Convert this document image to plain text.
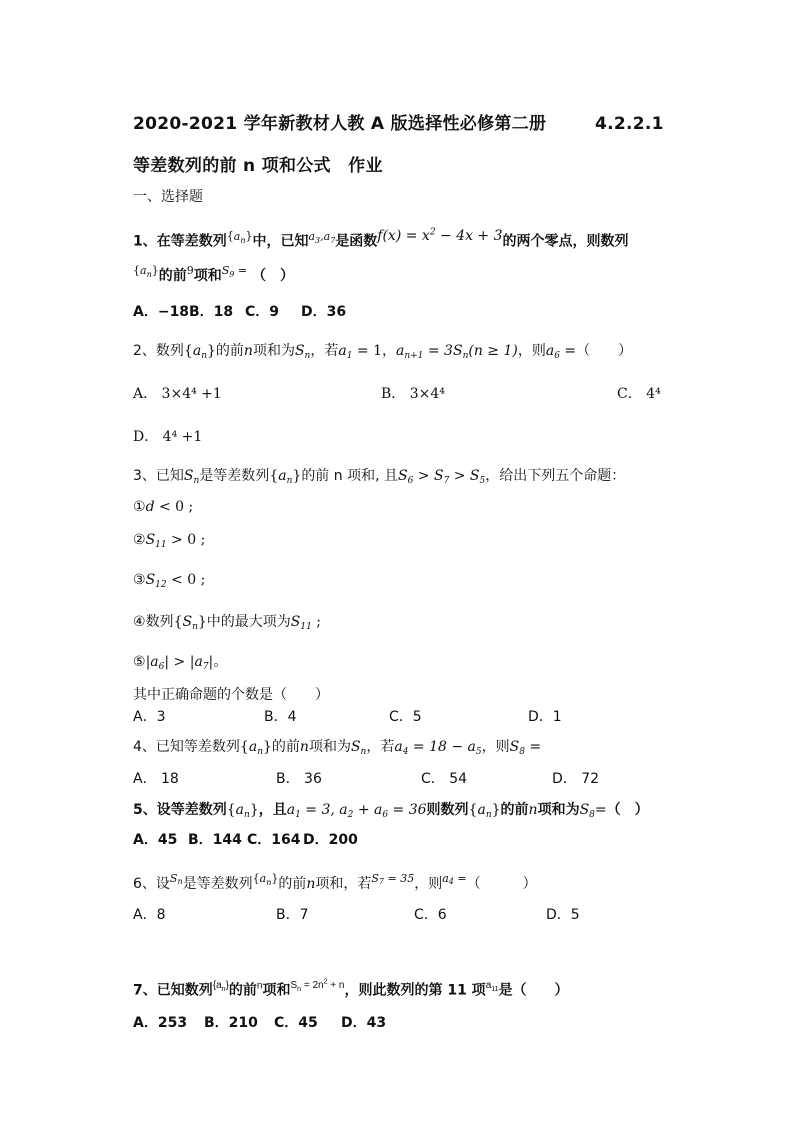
2020-2021 学年新教材人教 A 版选择性必修第二册	4.2.2.1
等差数列的前 n 项和公式　作业
一、选择题
1、在等差数列$^{\{a_n\}}$中，已知$^{a_3,a_7}$是函数$f(x) = x^2 - 4x + 3$的两个零点，则数列
$^{\{a_n\}}$的前$^9$项和$^{S_9 =}$ （　）
A．−18 B．18 C．9 D．36
2、数列$\{a_n\}$的前n项和为$S_n$，若$a_1 = 1$，$a_{n+1} = 3S_n(n \ge 1)$，则$a_6$ =（　　）
A． 3×4⁴ +1	B． 3×4⁴	C． 4⁴
D． 4⁴ +1
3、已知$S_n$是等差数列$\{a_n\}$的前 n 项和, 且$S_6 > S_7 > S_5$，给出下列五个命题：
①d < 0 ;
$②S_{11} > 0$ ;
$③S_{12} < 0$ ;
④数列$\{S_n\}$中的最大项为$S_{11}$ ;
$⑤|a_6| > |a_7|$。
其中正确命题的个数是（　　）
A．3	B．4	C．5	D．1
4、已知等差数列$\{a_n\}$的前n项和为$S_n$，若$a_4 = 18 - a_5$，则$S_8$ =
A． 18	B． 36	C． 54	D． 72
5、设等差数列$\{a_n\}$，且$a_1 = 3$, $a_2 + a_6 = 36$则数列$\{a_n\}$的前n项和为$S_8=$（　）
A．45 B．144 C．164 D．200
6、设$^{Sn}$是等差数列$^{\{a_n\}}$的前n项和，若$^{S7 = 35}$，则$^{a4 =}$（　　　）
A．8	B．7	C．6	D．5
7、已知数列$^{\{a_n\}}$的前$^n$项和$^{S_n = 2n^2 + n}$，则此数列的第 11 项$^{a_{11}}$是（　　）
A．253 B．210 C．45 D．43
